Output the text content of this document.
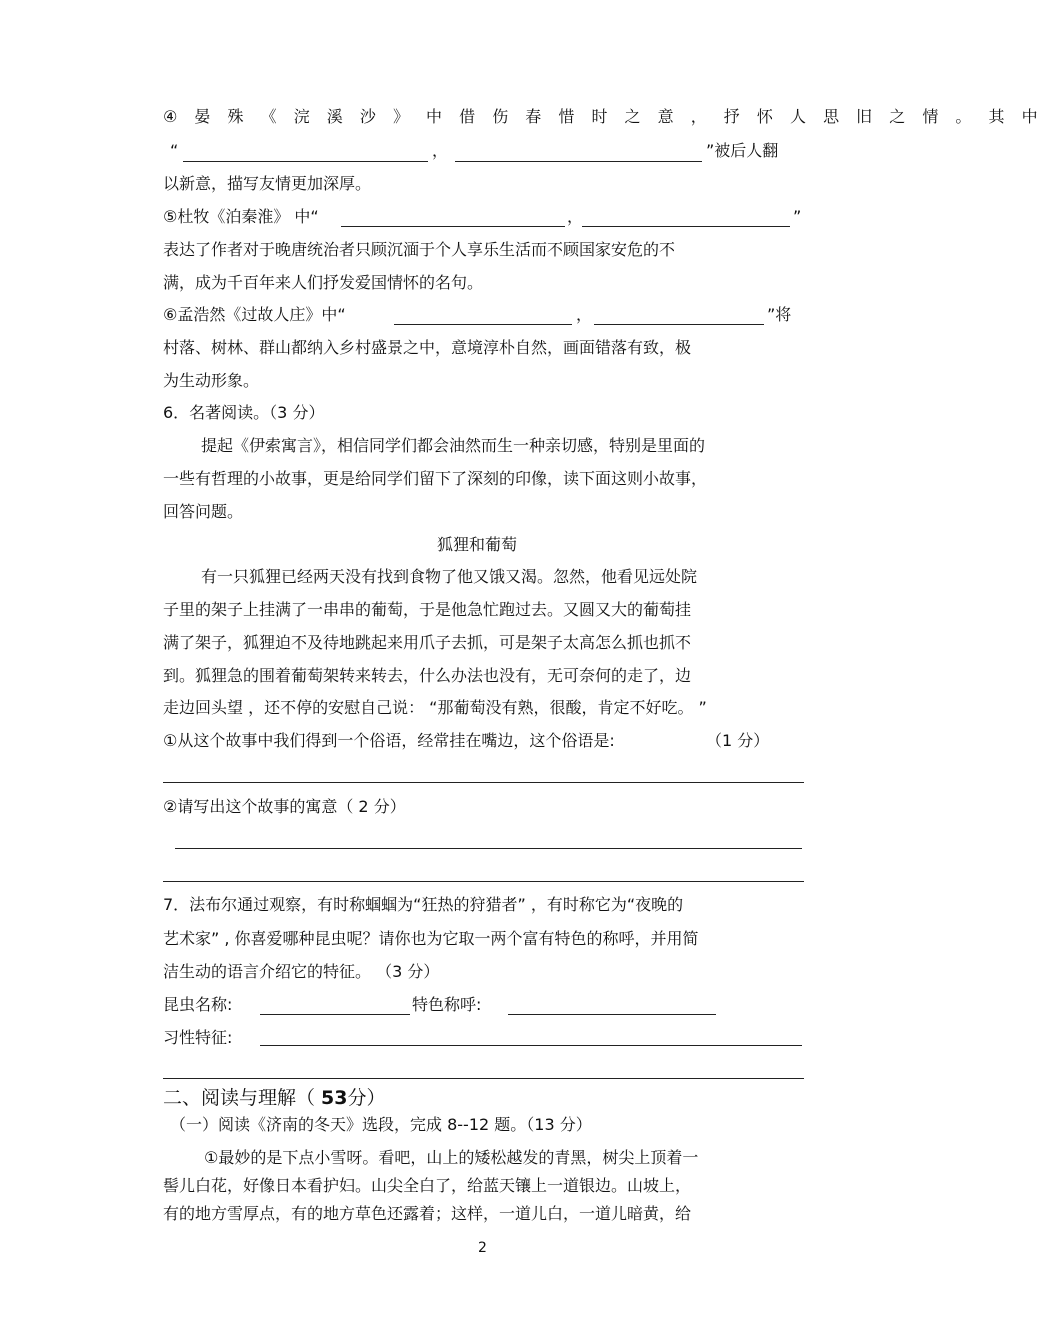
④ 晏 殊 《 浣 溪 沙 》 中 借 伤 春 惜 时 之 意 ， 抒 怀 人 思 旧 之 情 。 其 中
“	，	”被后人翻
以新意，描写友情更加深厚。
⑤杜牧《泊秦淮》 中“	，	”
表达了作者对于晚唐统治者只顾沉湎于个人享乐生活而不顾国家安危的不
满，成为千百年来人们抒发爱国情怀的名句。
⑥孟浩然《过故人庄》中“	，	”将
村落、树林、群山都纳入乡村盛景之中，意境淳朴自然，画面错落有致，极
为生动形象。
6．名著阅读。（3 分）
提起《伊索寓言》，相信同学们都会油然而生一种亲切感，特别是里面的
一些有哲理的小故事，更是给同学们留下了深刻的印像，读下面这则小故事，
回答问题。
狐狸和葡萄
有一只狐狸已经两天没有找到食物了他又饿又渴。忽然，他看见远处院
子里的架子上挂满了一串串的葡萄，于是他急忙跑过去。又圆又大的葡萄挂
满了架子，狐狸迫不及待地跳起来用爪子去抓，可是架子太高怎么抓也抓不
到。狐狸急的围着葡萄架转来转去，什么办法也没有，无可奈何的走了，边
走边回头望 ，还不停的安慰自己说： “那葡萄没有熟，很酸，肯定不好吃。 ”
①从这个故事中我们得到一个俗语，经常挂在嘴边，这个俗语是:	（1 分）
②请写出这个故事的寓意（ 2 分）
7．法布尔通过观察，有时称蝈蝈为“狂热的狩猎者” ，有时称它为“夜晚的
艺术家” , 你喜爱哪种昆虫呢？请你也为它取一两个富有特色的称呼，并用简
洁生动的语言介绍它的特征。 （3 分）
昆虫名称:	特色称呼:
习性特征:
二、阅读与理解（ 53分）
（一）阅读《济南的冬天》选段，完成 8--12 题。（13 分）
①最妙的是下点小雪呀。看吧，山上的矮松越发的青黑，树尖上顶着一
髻儿白花，好像日本看护妇。山尖全白了，给蓝天镶上一道银边。山坡上，
有的地方雪厚点，有的地方草色还露着；这样，一道儿白，一道儿暗黄，给
2
